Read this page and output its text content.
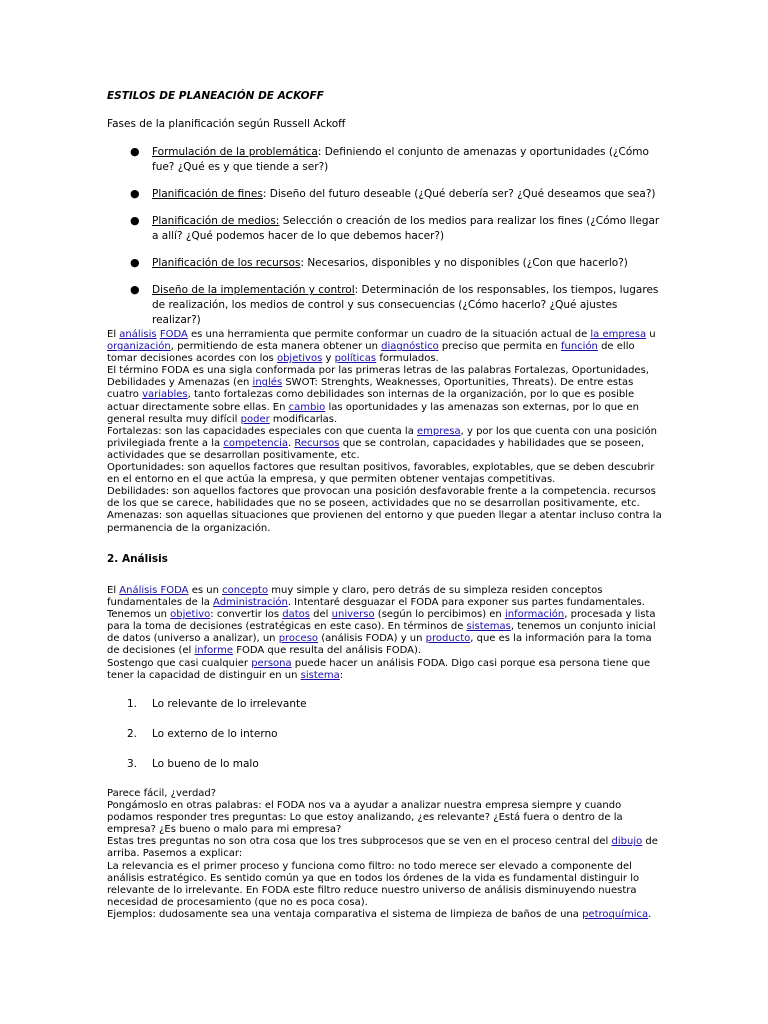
ESTILOS DE PLANEACIÓN DE ACKOFF
Fases de la planificación según Russell Ackoff
● Formulación de la problemática: Definiendo el conjunto de amenazas y oportunidades (¿Cómo fue? ¿Qué es y que tiende a ser?)
● Planificación de fines: Diseño del futuro deseable (¿Qué debería ser? ¿Qué deseamos que sea?)
● Planificación de medios: Selección o creación de los medios para realizar los fines (¿Cómo llegar a allí? ¿Qué podemos hacer de lo que debemos hacer?)
● Planificación de los recursos: Necesarios, disponibles y no disponibles (¿Con que hacerlo?)
● Diseño de la implementación y control: Determinación de los responsables, los tiempos, lugares de realización, los medios de control y sus consecuencias (¿Cómo hacerlo? ¿Qué ajustes realizar?)
El análisis FODA es una herramienta que permite conformar un cuadro de la situación actual de la empresa u organización, permitiendo de esta manera obtener un diagnóstico preciso que permita en función de ello tomar decisiones acordes con los objetivos y políticas formulados.
El término FODA es una sigla conformada por las primeras letras de las palabras Fortalezas, Oportunidades, Debilidades y Amenazas (en inglés SWOT: Strenghts, Weaknesses, Oportunities, Threats). De entre estas cuatro variables, tanto fortalezas como debilidades son internas de la organización, por lo que es posible actuar directamente sobre ellas. En cambio las oportunidades y las amenazas son externas, por lo que en general resulta muy difícil poder modificarlas.
Fortalezas: son las capacidades especiales con que cuenta la empresa, y por los que cuenta con una posición privilegiada frente a la competencia. Recursos que se controlan, capacidades y habilidades que se poseen, actividades que se desarrollan positivamente, etc.
Oportunidades: son aquellos factores que resultan positivos, favorables, explotables, que se deben descubrir en el entorno en el que actúa la empresa, y que permiten obtener ventajas competitivas.
Debilidades: son aquellos factores que provocan una posición desfavorable frente a la competencia. recursos de los que se carece, habilidades que no se poseen, actividades que no se desarrollan positivamente, etc.
Amenazas: son aquellas situaciones que provienen del entorno y que pueden llegar a atentar incluso contra la permanencia de la organización.
2. Análisis
El Análisis FODA es un concepto muy simple y claro, pero detrás de su simpleza residen conceptos fundamentales de la Administración. Intentaré desguazar el FODA para exponer sus partes fundamentales.
Tenemos un objetivo: convertir los datos del universo (según lo percibimos) en información, procesada y lista para la toma de decisiones (estratégicas en este caso). En términos de sistemas, tenemos un conjunto inicial de datos (universo a analizar), un proceso (análisis FODA) y un producto, que es la información para la toma de decisiones (el informe FODA que resulta del análisis FODA).
Sostengo que casi cualquier persona puede hacer un análisis FODA. Digo casi porque esa persona tiene que tener la capacidad de distinguir en un sistema:
1. Lo relevante de lo irrelevante
2. Lo externo de lo interno
3. Lo bueno de lo malo
Parece fácil, ¿verdad?
Pongámoslo en otras palabras: el FODA nos va a ayudar a analizar nuestra empresa siempre y cuando podamos responder tres preguntas: Lo que estoy analizando, ¿es relevante? ¿Está fuera o dentro de la empresa? ¿Es bueno o malo para mi empresa?
Estas tres preguntas no son otra cosa que los tres subprocesos que se ven en el proceso central del dibujo de arriba. Pasemos a explicar:
La relevancia es el primer proceso y funciona como filtro: no todo merece ser elevado a componente del análisis estratégico. Es sentido común ya que en todos los órdenes de la vida es fundamental distinguir lo relevante de lo irrelevante. En FODA este filtro reduce nuestro universo de análisis disminuyendo nuestra necesidad de procesamiento (que no es poca cosa).
Ejemplos: dudosamente sea una ventaja comparativa el sistema de limpieza de baños de una petroquímica.
